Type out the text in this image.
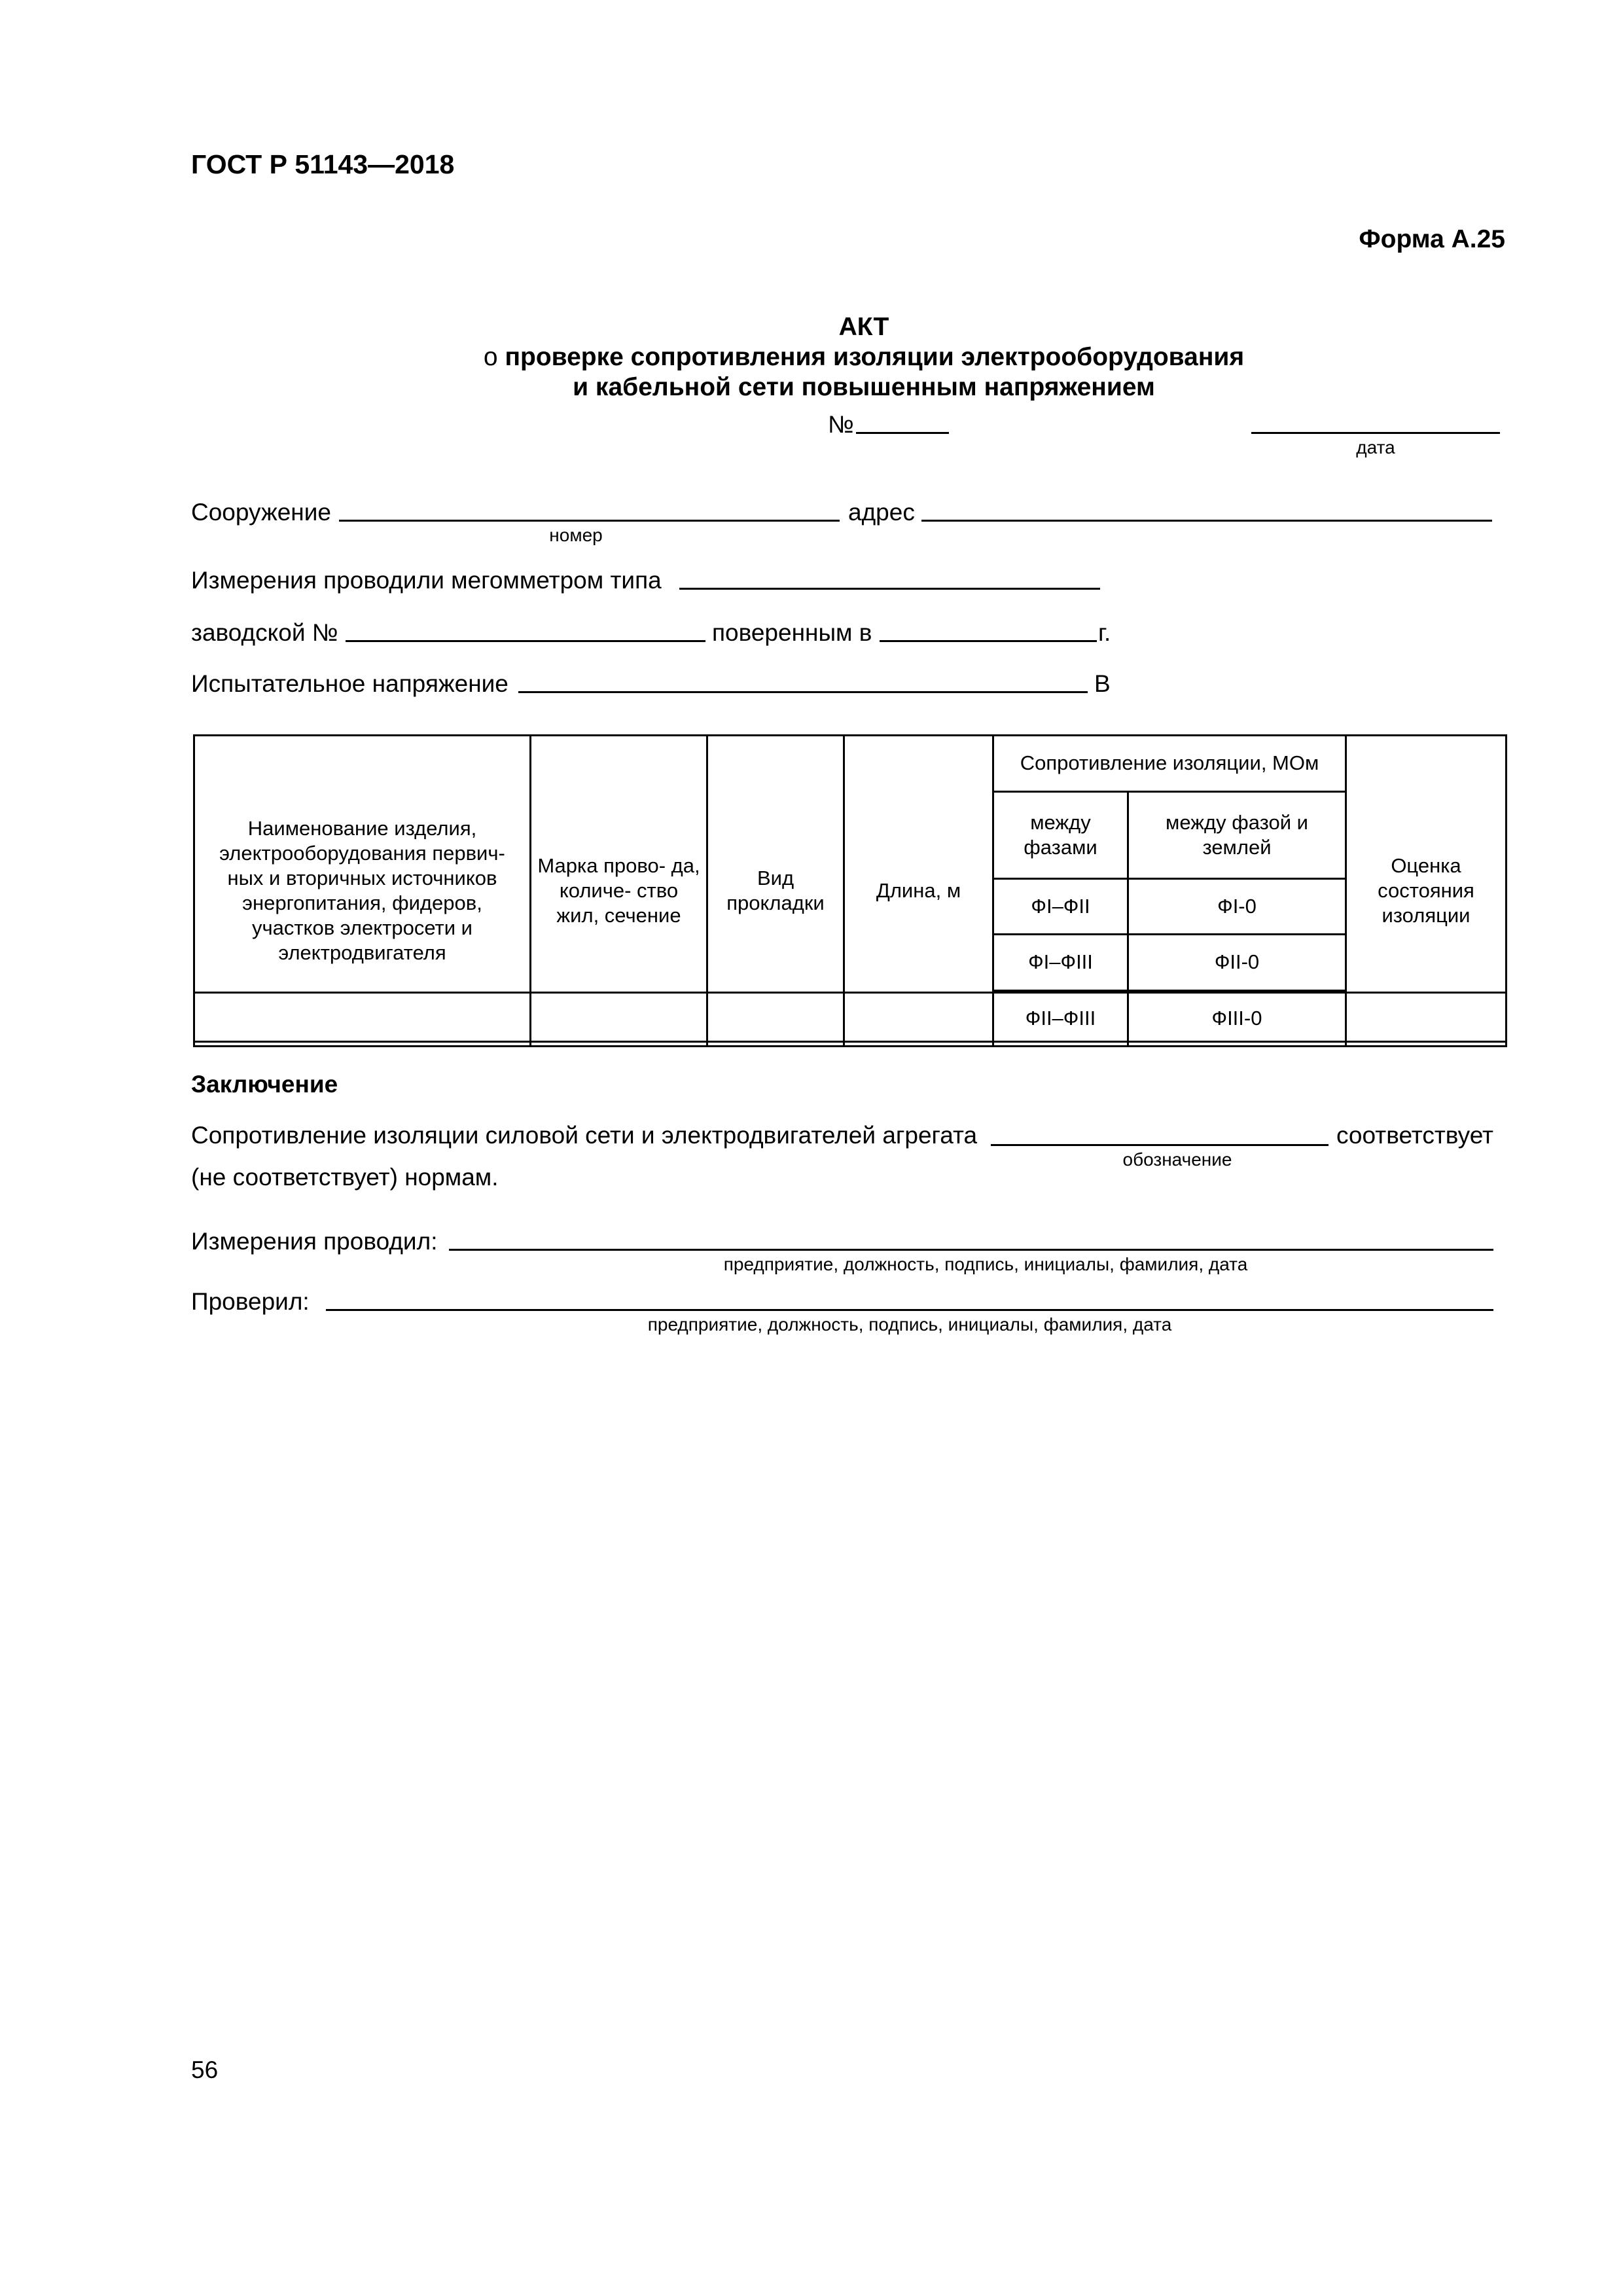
ГОСТ Р 51143—2018
Форма А.25
АКТ
о проверке сопротивления изоляции электрооборудования
и кабельной сети повышенным напряжением
№
дата
Сооружение
номер
адрес
Измерения проводили мегомметром типа
заводской №	поверенным в	г.
Испытательное напряжение	В
Наименование изделия, электрооборудования первич- ных и вторичных источников энергопитания, фидеров, участков электросети и электродвигателя	Марка прово- да, количе- ство жил, сечение	Вид прокладки	Длина, м	Сопротивление изоляции, МОм		Оценка состояния изоляции
				между фазами	между фазой и землей	
				ФI–ФII	ФI-0	
				ФI–ФIII	ФII-0	
				ФII–ФIII	ФIII-0	

Заключение
Сопротивление изоляции силовой сети и электродвигателей агрегата
обозначение
соответствует
(не соответствует) нормам.
Измерения проводил:
предприятие, должность, подпись, инициалы, фамилия, дата
Проверил:
предприятие, должность, подпись, инициалы, фамилия, дата
56
